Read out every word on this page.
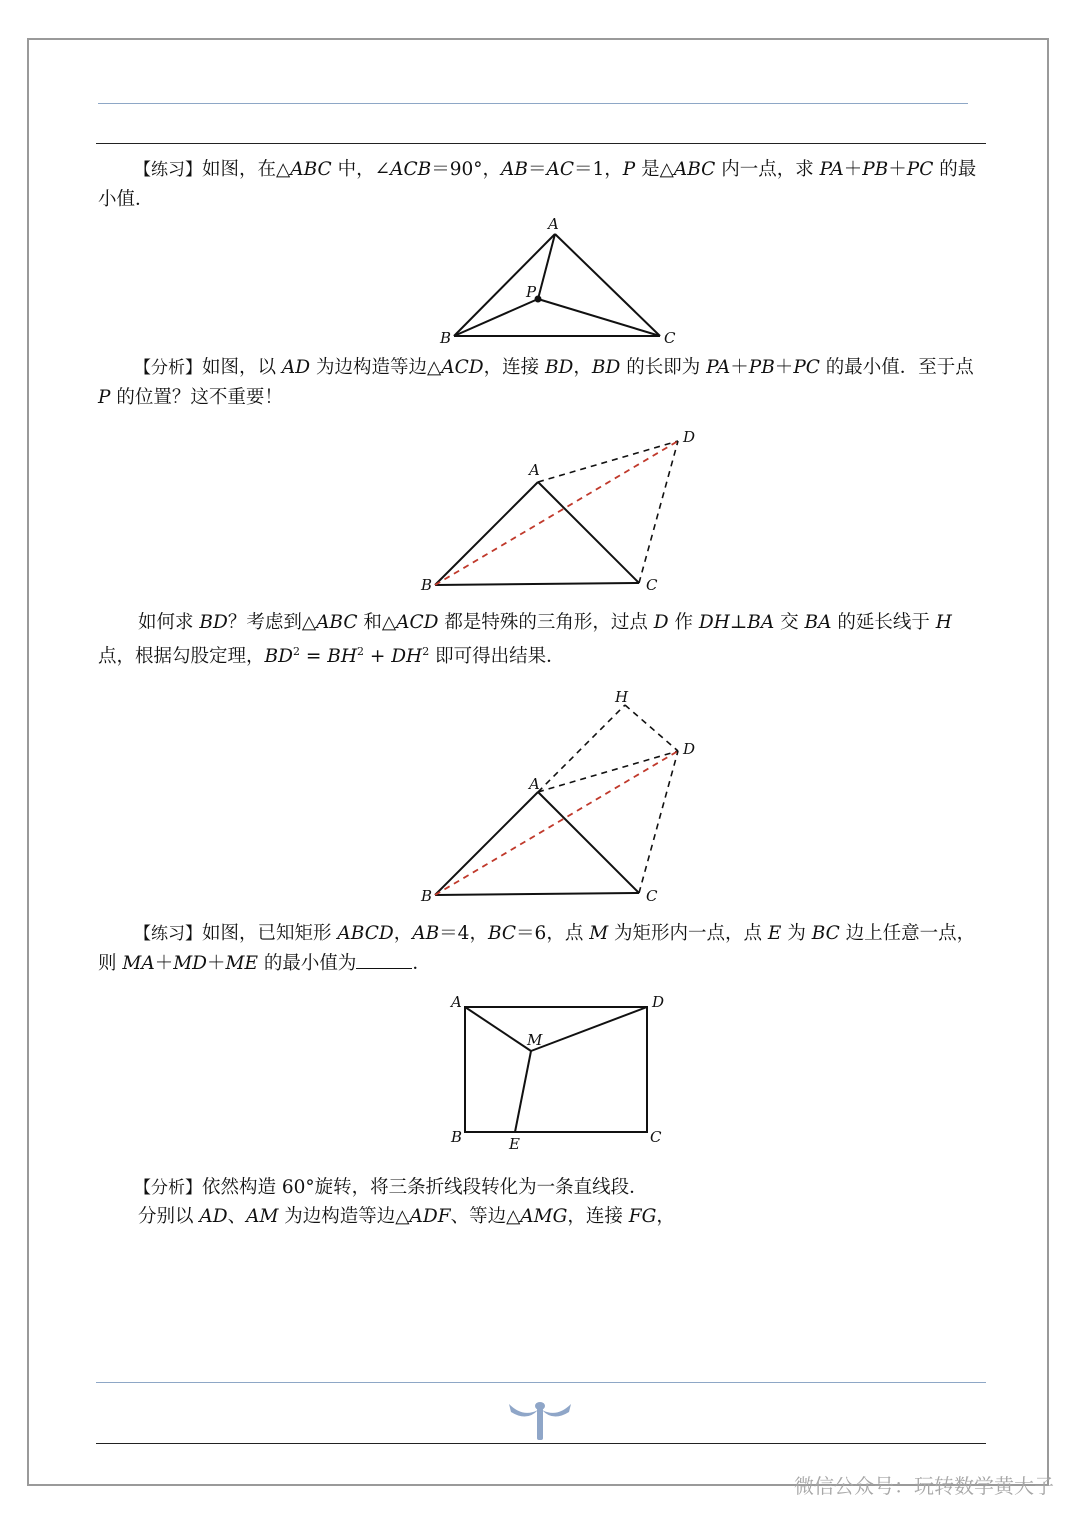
【练习】如图，在△ABC 中，∠ACB＝90°，AB＝AC＝1，P 是△ABC 内一点，求 PA＋PB＋PC 的最小值．

A
P
B	C

【分析】如图，以 AD 为边构造等边△ACD，连接 BD，BD 的长即为 PA＋PB＋PC 的最小值．至于点 P 的位置？这不重要！

A
D
B	C

如何求 BD？考虑到△ABC 和△ACD 都是特殊的三角形，过点 D 作 DH⊥BA 交 BA 的延长线于 H 点，根据勾股定理，$BD^2 = BH^2 + DH^2$ 即可得出结果．

H
D
A
B	C

【练习】如图，已知矩形 ABCD，AB＝4，BC＝6，点 M 为矩形内一点，点 E 为 BC 边上任意一点，则 MA＋MD＋ME 的最小值为	．

A	D
M
B	E	C

【分析】依然构造 60°旋转，将三条折线段转化为一条直线段．

分别以 AD、AM 为边构造等边△ADF、等边△AMG，连接 FG，

微信公众号：玩转数学黄大子
